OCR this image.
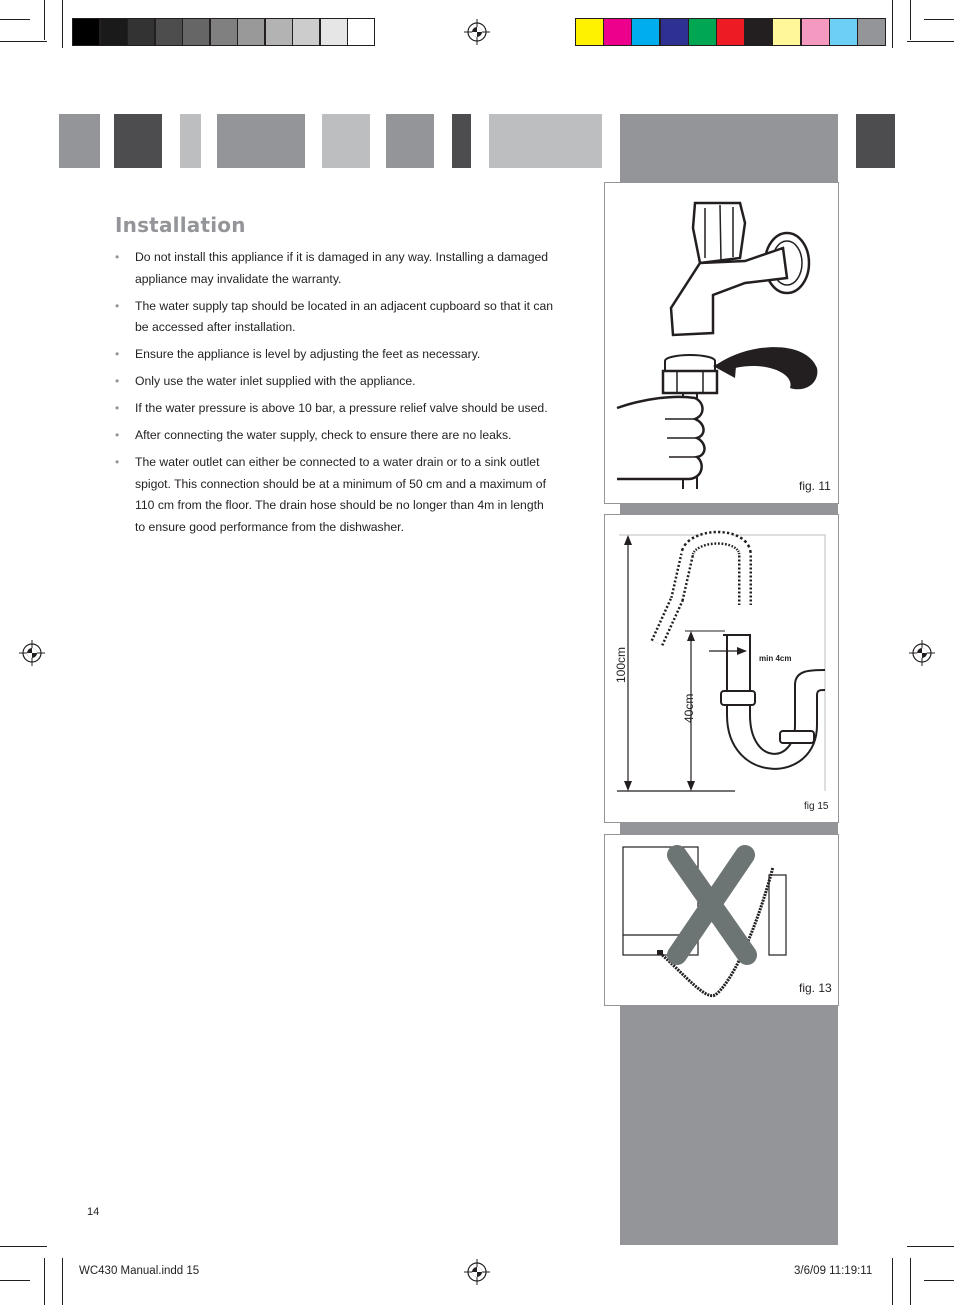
Installation
• Do not install this appliance if it is damaged in any way. Installing a damaged appliance may invalidate the warranty.
• The water supply tap should be located in an adjacent cupboard so that it can be accessed after installation.
• Ensure the appliance is level by adjusting the feet as necessary.
• Only use the water inlet supplied with the appliance.
• If the water pressure is above 10 bar, a pressure relief valve should be used.
• After connecting the water supply, check to ensure there are no leaks.
• The water outlet can either be connected to a water drain or to a sink outlet spigot. This connection should be at a minimum of 50 cm and a maximum of 110 cm from the floor. The drain hose should be no longer than 4m in length to ensure good performance from the dishwasher.
fig. 11
100cm
40cm
min 4cm
fig 15
fig. 13
14
WC430 Manual.indd 15	3/6/09 11:19:11
